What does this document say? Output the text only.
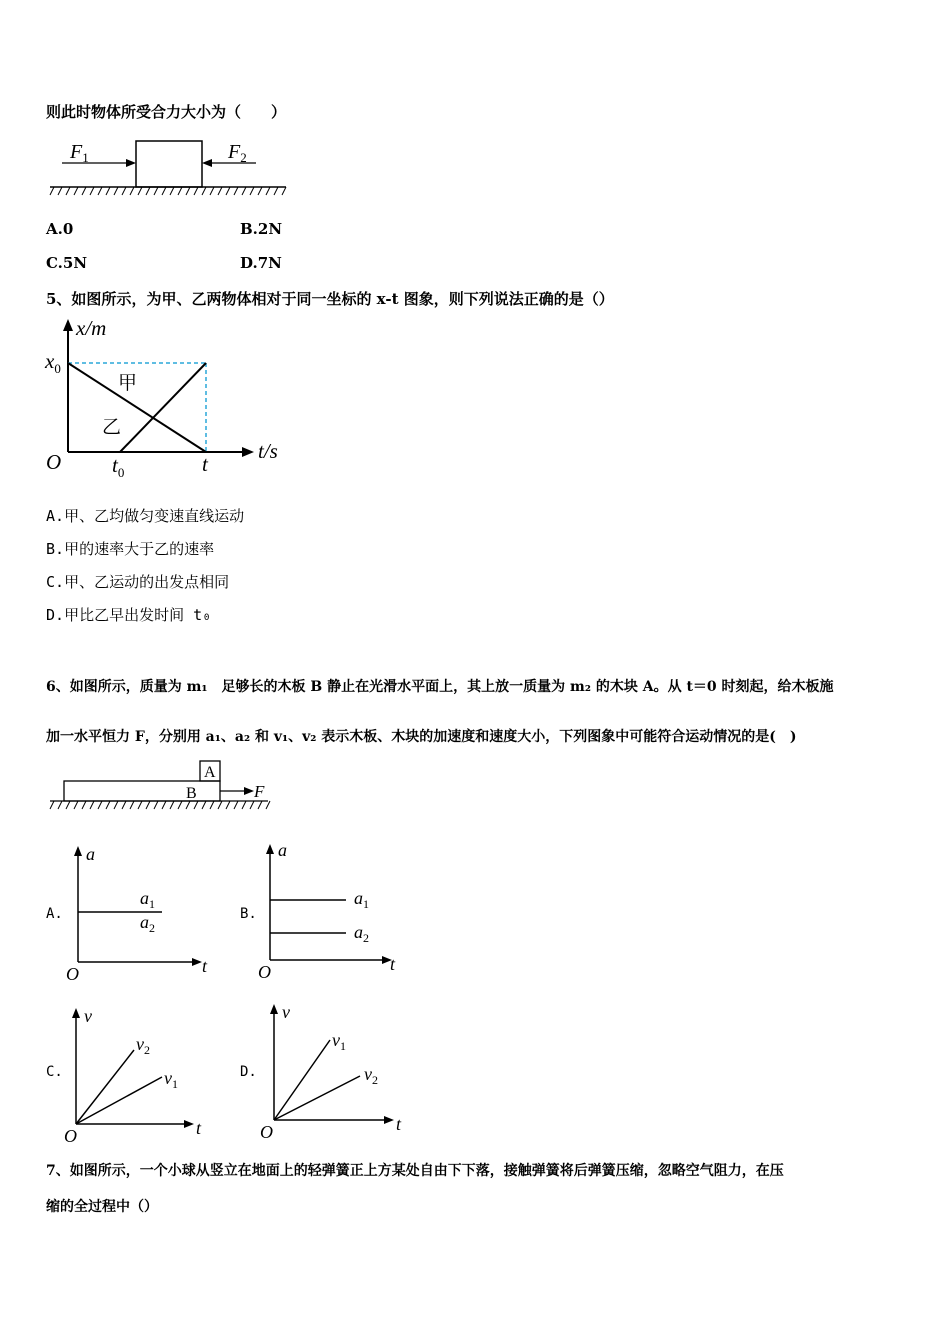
则此时物体所受合力大小为（　　）
$F_1$	$F_2$
A.0	B.2N
C.5N	D.7N
5、如图所示，为甲、乙两物体相对于同一坐标的 x-t 图象，则下列说法正确的是（）
x/m
t/s
O
$x_0$
$t_0$	t
甲
乙
A.甲、乙均做匀变速直线运动
B.甲的速率大于乙的速率
C.甲、乙运动的出发点相同
D.甲比乙早出发时间 t₀
6、如图所示，质量为 m₁　足够长的木板 B 静止在光滑水平面上，其上放一质量为 m₂ 的木块 A。从 t＝0 时刻起，给木板施
加一水平恒力 F，分别用 a₁、a₂ 和 v₁、v₂ 表示木板、木块的加速度和速度大小，下列图象中可能符合运动情况的是(　)
A
B	F
A.
a
t
O
$a_1$
$a_2$
B.
a
t
O
$a_1$
$a_2$
C.
v
t
O
$v_2$
$v_1$
D.
v
t
O
$v_1$
$v_2$
7、如图所示，一个小球从竖立在地面上的轻弹簧正上方某处自由下下落，接触弹簧将后弹簧压缩，忽略空气阻力，在压
缩的全过程中（）
